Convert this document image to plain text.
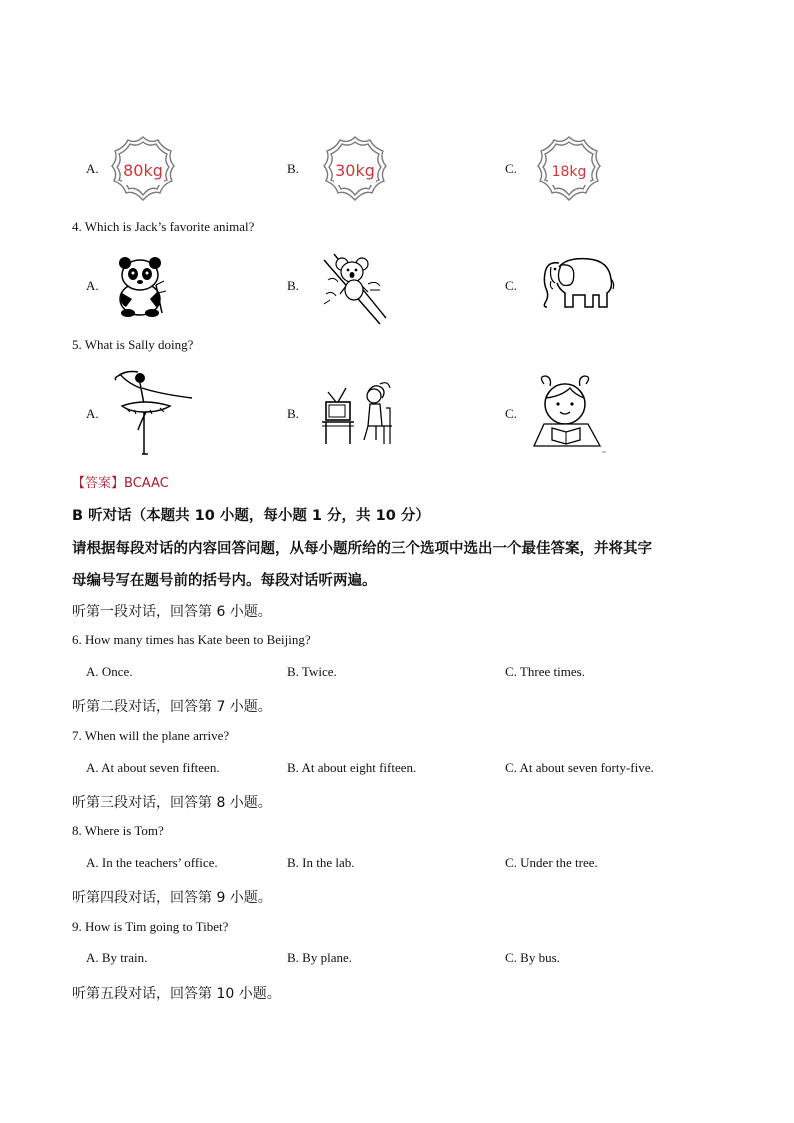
A. 80kg	B. 30kg	C. 18kg
4. Which is Jack’s favorite animal?
A.	B.	C.
5. What is Sally doing?
A.	B.	C.
【答案】BCAAC
B 听对话（本题共 10 小题，每小题 1 分，共 10 分）
请根据每段对话的内容回答问题，从每小题所给的三个选项中选出一个最佳答案，并将其字
母编号写在题号前的括号内。每段对话听两遍。
听第一段对话，回答第 6 小题。
6. How many times has Kate been to Beijing?
A. Once.	B. Twice.	C. Three times.
听第二段对话，回答第 7 小题。
7. When will the plane arrive?
A. At about seven fifteen.	B. At about eight fifteen.	C. At about seven forty-five.
听第三段对话，回答第 8 小题。
8. Where is Tom?
A. In the teachers’ office.	B. In the lab.	C. Under the tree.
听第四段对话，回答第 9 小题。
9. How is Tim going to Tibet?
A. By train.	B. By plane.	C. By bus.
听第五段对话，回答第 10 小题。
